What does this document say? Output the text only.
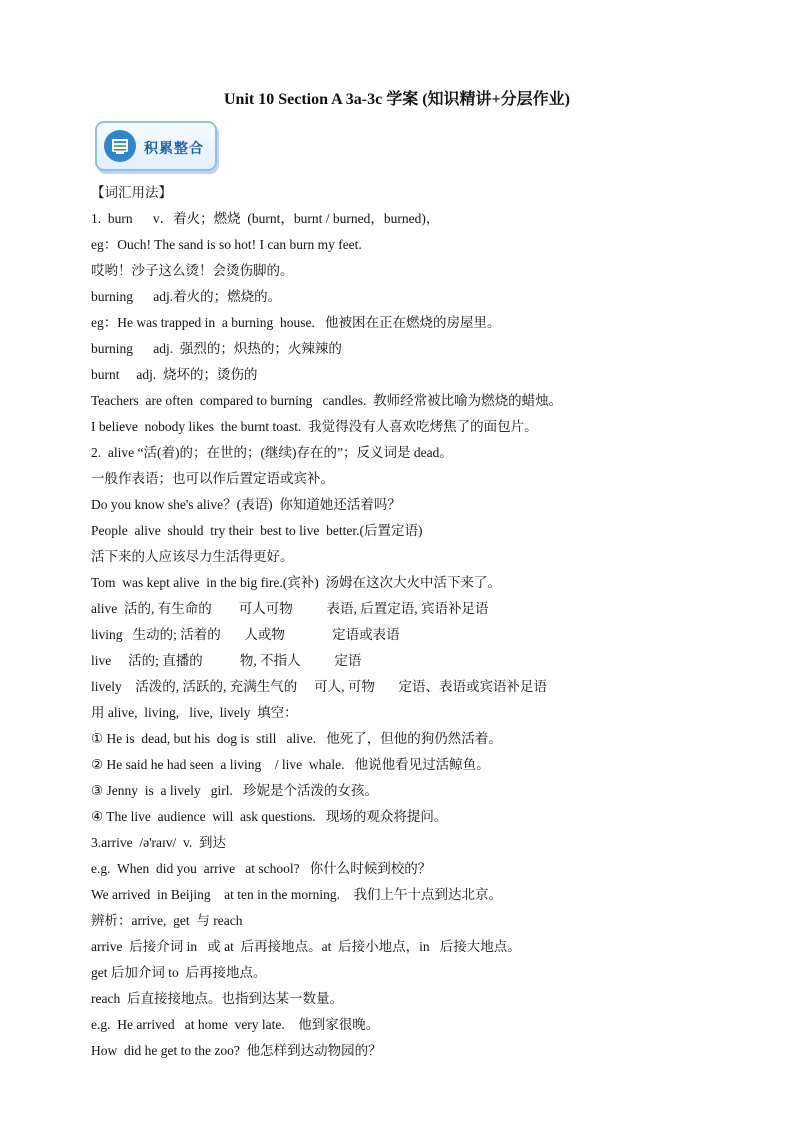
Unit 10 Section A 3a-3c 学案 (知识精讲+分层作业)
积累整合
【词汇用法】
1.  burn      v．着火；燃烧  (burnt，burnt / burned，burned)，
eg：Ouch! The sand is so hot! I can burn my feet.
哎哟！沙子这么烫！会烫伤脚的。
burning      adj.着火的；燃烧的。
eg：He was trapped in  a burning  house.   他被困在正在燃烧的房屋里。
burning      adj.  强烈的；炽热的；火辣辣的
burnt     adj.  烧坏的；烫伤的
Teachers  are often  compared to burning   candles.  教师经常被比喻为燃烧的蜡烛。
I believe  nobody likes  the burnt toast.  我觉得没有人喜欢吃烤焦了的面包片。
2.  alive “活(着)的；在世的；(继续)存在的”；反义词是 dead。
一般作表语；也可以作后置定语或宾补。
Do you know she's alive？(表语)  你知道她还活着吗？
People  alive  should  try their  best to live  better.(后置定语)
活下来的人应该尽力生活得更好。
Tom  was kept alive  in the big fire.(宾补)  汤姆在这次大火中活下来了。
alive  活的, 有生命的        可人可物          表语, 后置定语, 宾语补足语
living   生动的; 活着的       人或物              定语或表语
live     活的; 直播的           物, 不指人          定语
lively    活泼的, 活跃的, 充满生气的     可人, 可物       定语、表语或宾语补足语
用 alive,  living,   live,  lively  填空：
① He is  dead, but his  dog is  still   alive.   他死了，但他的狗仍然活着。
② He said he had seen  a living    / live  whale.   他说他看见过活鲸鱼。
③ Jenny  is  a lively   girl.   珍妮是个活泼的女孩。
④ The live  audience  will  ask questions.   现场的观众将提问。
3.arrive  /ə'raɪv/  v.  到达
e.g.  When  did you  arrive   at school?   你什么时候到校的？
We arrived  in Beijing    at ten in the morning.    我们上午十点到达北京。
辨析：arrive,  get  与 reach
arrive  后接介词 in   或 at  后再接地点。at  后接小地点，in   后接大地点。
get 后加介词 to  后再接地点。
reach  后直接接地点。也指到达某一数量。
e.g.  He arrived   at home  very late.    他到家很晚。
How  did he get to the zoo?  他怎样到达动物园的？
